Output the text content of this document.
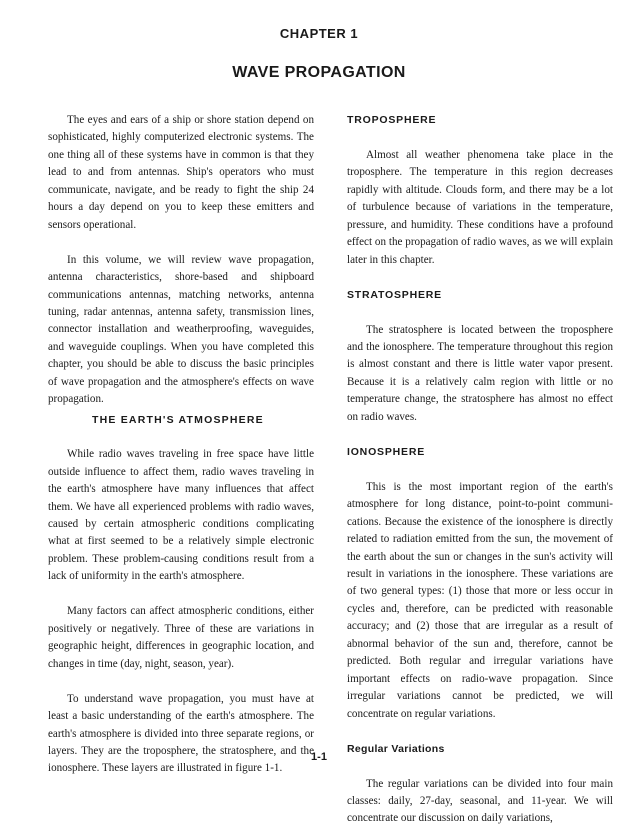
CHAPTER 1
WAVE PROPAGATION

The eyes and ears of a ship or shore station depend on sophisticated, highly computerized electronic systems. The one thing all of these systems have in common is that they lead to and from antennas. Ship's operators who must communicate, navigate, and be ready to fight the ship 24 hours a day depend on you to keep these emitters and sensors operational.

In this volume, we will review wave propagation, antenna characteristics, shore-based and shipboard communications antennas, matching networks, antenna tuning, radar antennas, antenna safety, transmission lines, connector installation and weatherproofing, waveguides, and waveguide couplings. When you have completed this chapter, you should be able to discuss the basic principles of wave propagation and the atmosphere's effects on wave propagation.

THE EARTH'S ATMOSPHERE

While radio waves traveling in free space have little outside influence to affect them, radio waves traveling in the earth's atmosphere have many influences that affect them. We have all experienced problems with radio waves, caused by certain atmospheric conditions complicating what at first seemed to be a relatively simple electronic problem. These problem-causing conditions result from a lack of uniformity in the earth's atmosphere.

Many factors can affect atmospheric conditions, either positively or negatively. Three of these are variations in geographic height, differences in geographic location, and changes in time (day, night, season, year).

To understand wave propagation, you must have at least a basic understanding of the earth's atmosphere. The earth's atmosphere is divided into three separate regions, or layers. They are the troposphere, the stratosphere, and the ionosphere. These layers are illustrated in figure 1-1.

TROPOSPHERE

Almost all weather phenomena take place in the troposphere. The temperature in this region decreases rapidly with altitude. Clouds form, and there may be a lot of turbulence because of variations in the temperature, pressure, and humidity. These conditions have a profound effect on the propagation of radio waves, as we will explain later in this chapter.

STRATOSPHERE

The stratosphere is located between the troposphere and the ionosphere. The temperature throughout this region is almost constant and there is little water vapor present. Because it is a relatively calm region with little or no temperature change, the stratosphere has almost no effect on radio waves.

IONOSPHERE

This is the most important region of the earth's atmosphere for long distance, point-to-point communi-cations. Because the existence of the ionosphere is directly related to radiation emitted from the sun, the movement of the earth about the sun or changes in the sun's activity will result in variations in the ionosphere. These variations are of two general types: (1) those that more or less occur in cycles and, therefore, can be predicted with reasonable accuracy; and (2) those that are irregular as a result of abnormal behavior of the sun and, therefore, cannot be predicted. Both regular and irregular variations have important effects on radio-wave propagation. Since irregular variations cannot be predicted, we will concentrate on regular variations.

Regular Variations

The regular variations can be divided into four main classes: daily, 27-day, seasonal, and 11-year. We will concentrate our discussion on daily variations,

1-1
